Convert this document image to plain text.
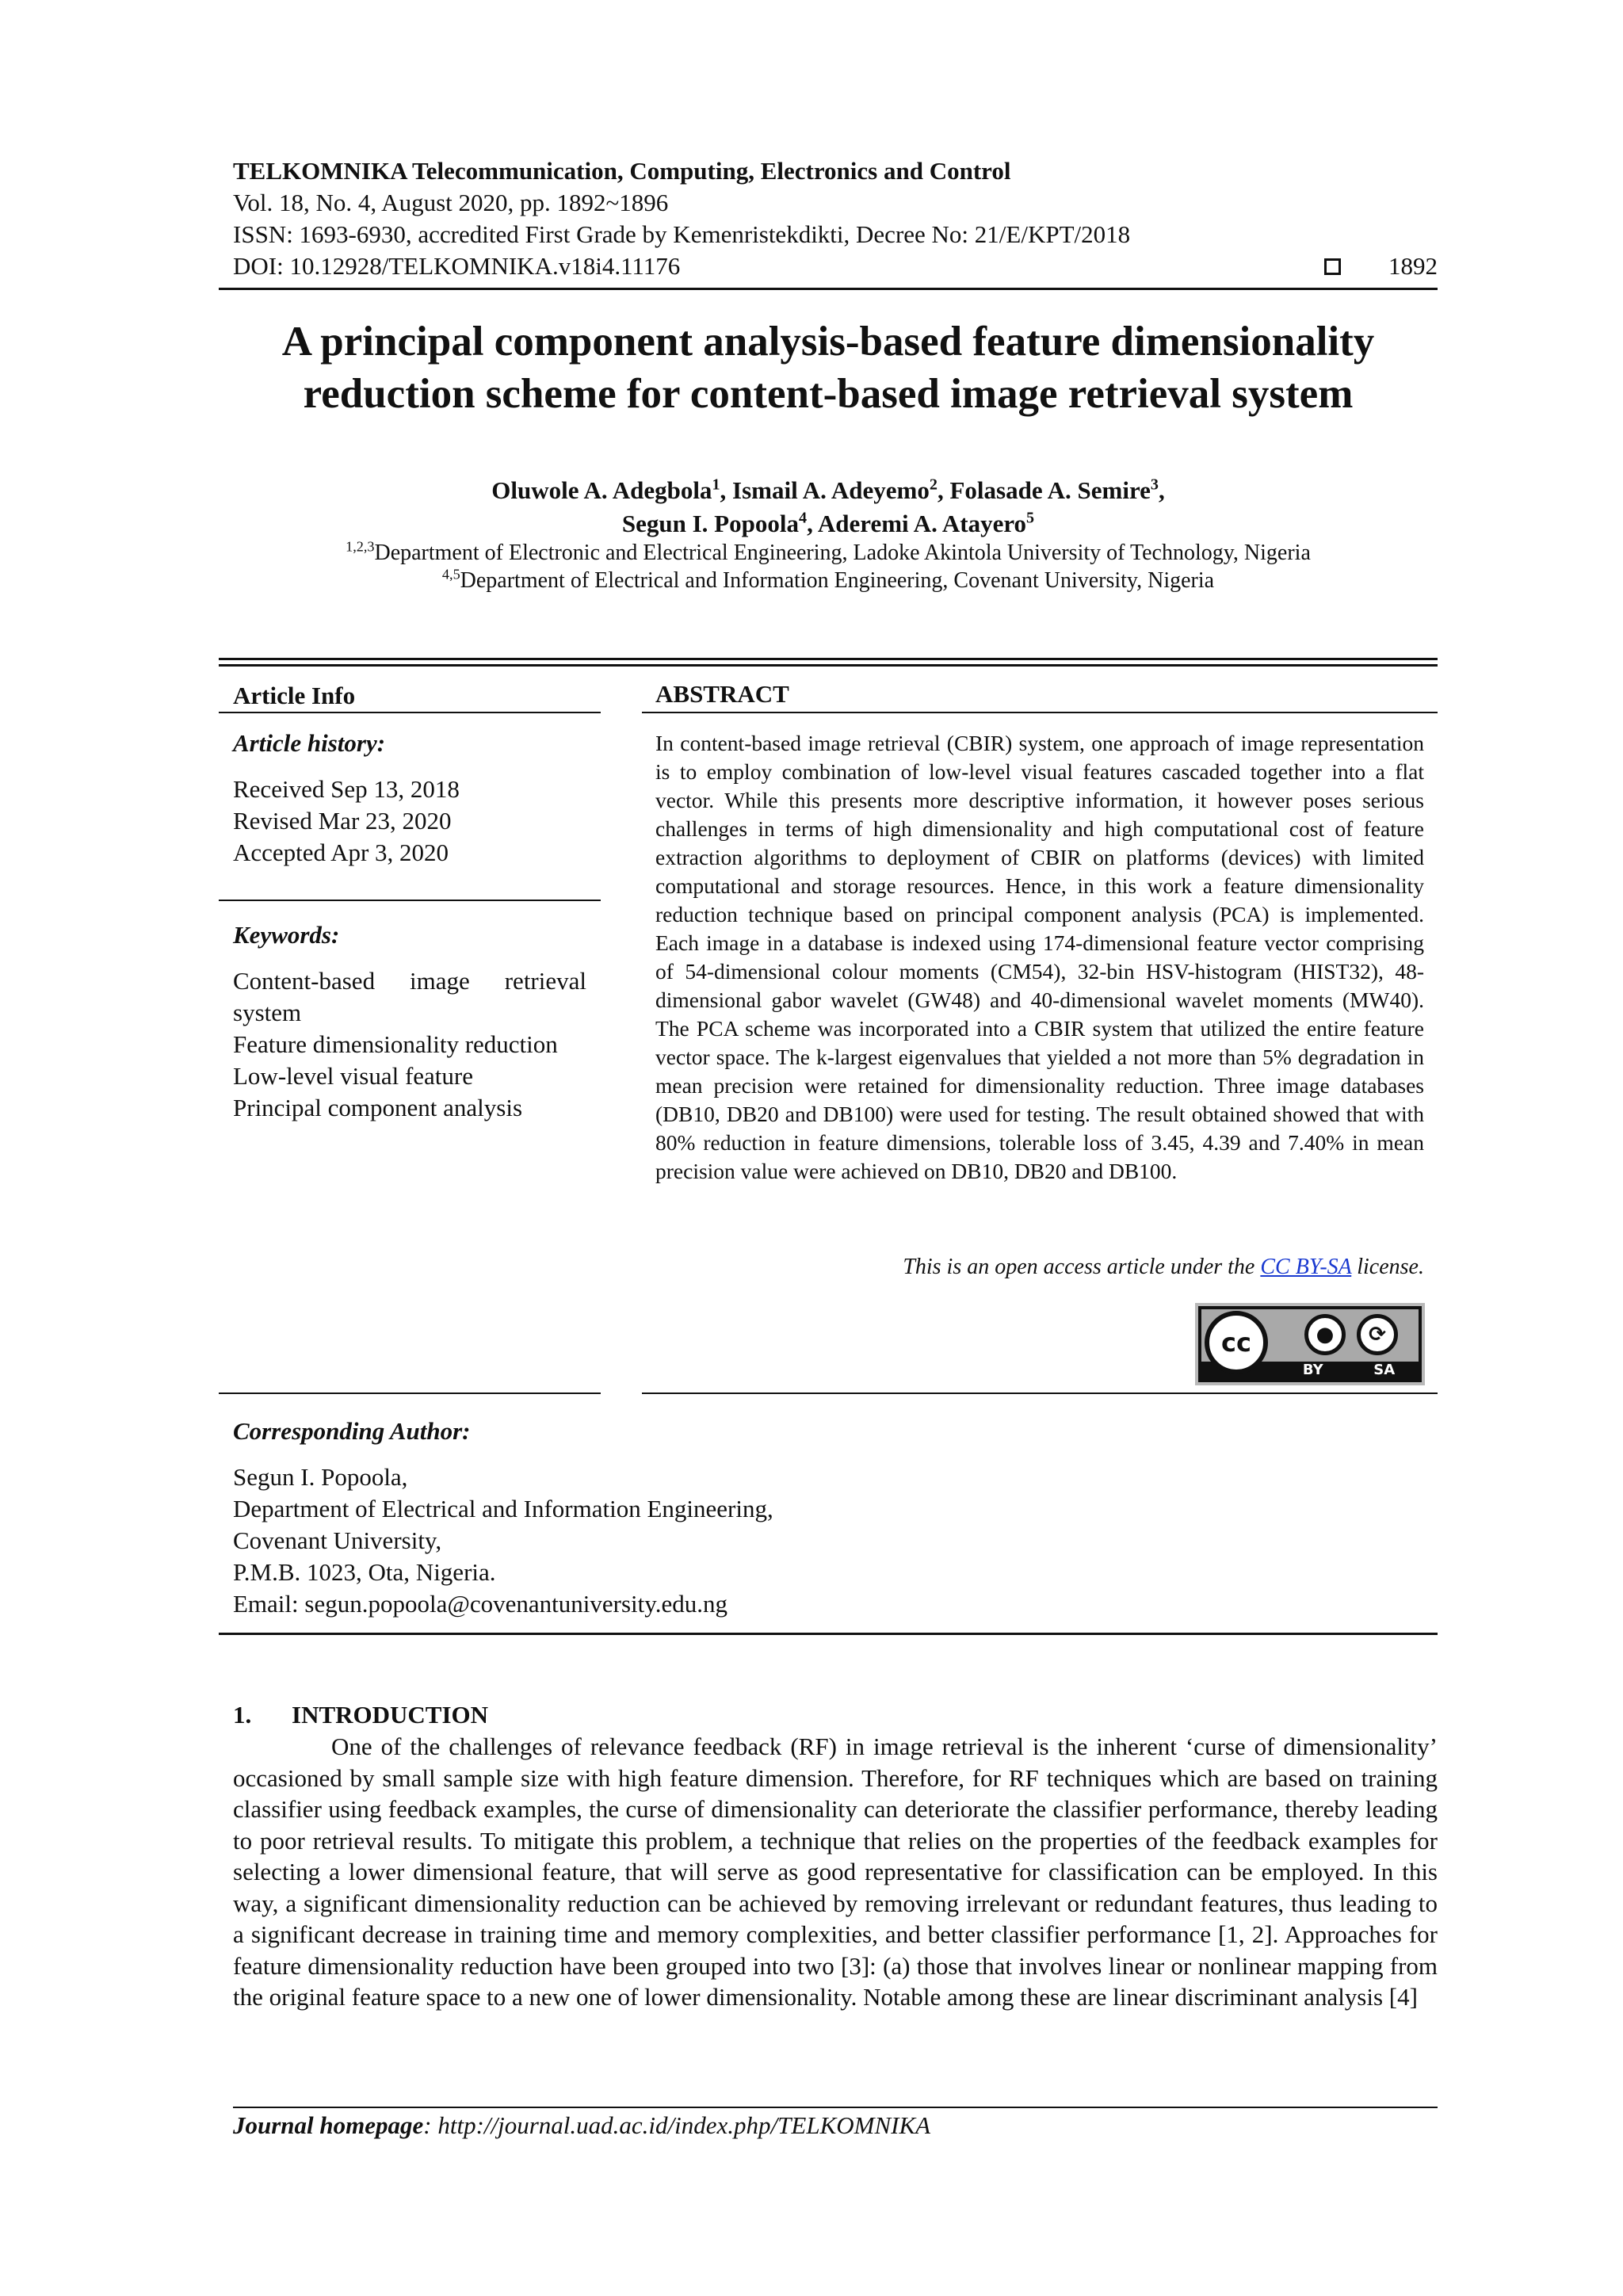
TELKOMNIKA Telecommunication, Computing, Electronics and Control
Vol. 18, No. 4, August 2020, pp. 1892~1896
ISSN: 1693-6930, accredited First Grade by Kemenristekdikti, Decree No: 21/E/KPT/2018
DOI: 10.12928/TELKOMNIKA.v18i4.11176	1892
A principal component analysis-based feature dimensionality
reduction scheme for content-based image retrieval system
Oluwole A. Adegbola$^1$, Ismail A. Adeyemo$^2$, Folasade A. Semire$^3$,
Segun I. Popoola$^4$, Aderemi A. Atayero$^5$
$^{1,2,3}$Department of Electronic and Electrical Engineering, Ladoke Akintola University of Technology, Nigeria
$^{4,5}$Department of Electrical and Information Engineering, Covenant University, Nigeria
Article Info
Article history:
Received Sep 13, 2018
Revised Mar 23, 2020
Accepted Apr 3, 2020
Keywords:
Content-based image retrieval system
Feature dimensionality reduction
Low-level visual feature
Principal component analysis
ABSTRACT
In content-based image retrieval (CBIR) system, one approach of image representation is to employ combination of low-level visual features cascaded together into a flat vector. While this presents more descriptive information, it however poses serious challenges in terms of high dimensionality and high computational cost of feature extraction algorithms to deployment of CBIR on platforms (devices) with limited computational and storage resources. Hence, in this work a feature dimensionality reduction technique based on principal component analysis (PCA) is implemented. Each image in a database is indexed using 174-dimensional feature vector comprising of 54-dimensional colour moments (CM54), 32-bin HSV-histogram (HIST32), 48-dimensional gabor wavelet (GW48) and 40-dimensional wavelet moments (MW40). The PCA scheme was incorporated into a CBIR system that utilized the entire feature vector space. The k-largest eigenvalues that yielded a not more than 5% degradation in mean precision were retained for dimensionality reduction. Three image databases (DB10, DB20 and DB100) were used for testing. The result obtained showed that with 80% reduction in feature dimensions, tolerable loss of 3.45, 4.39 and 7.40% in mean precision value were achieved on DB10, DB20 and DB100.
This is an open access article under the CC BY-SA license.
cc	●	⟳
BY	SA
Corresponding Author:
Segun I. Popoola,
Department of Electrical and Information Engineering,
Covenant University,
P.M.B. 1023, Ota, Nigeria.
Email: segun.popoola@covenantuniversity.edu.ng
1. INTRODUCTION

One of the challenges of relevance feedback (RF) in image retrieval is the inherent ‘curse of dimensionality’ occasioned by small sample size with high feature dimension. Therefore, for RF techniques which are based on training classifier using feedback examples, the curse of dimensionality can deteriorate the classifier performance, thereby leading to poor retrieval results. To mitigate this problem, a technique that relies on the properties of the feedback examples for selecting a lower dimensional feature, that will serve as good representative for classification can be employed. In this way, a significant dimensionality reduction can be achieved by removing irrelevant or redundant features, thus leading to a significant decrease in training time and memory complexities, and better classifier performance [1, 2]. Approaches for feature dimensionality reduction have been grouped into two [3]: (a) those that involves linear or nonlinear mapping from the original feature space to a new one of lower dimensionality. Notable among these are linear discriminant analysis [4]

Journal homepage: http://journal.uad.ac.id/index.php/TELKOMNIKA
